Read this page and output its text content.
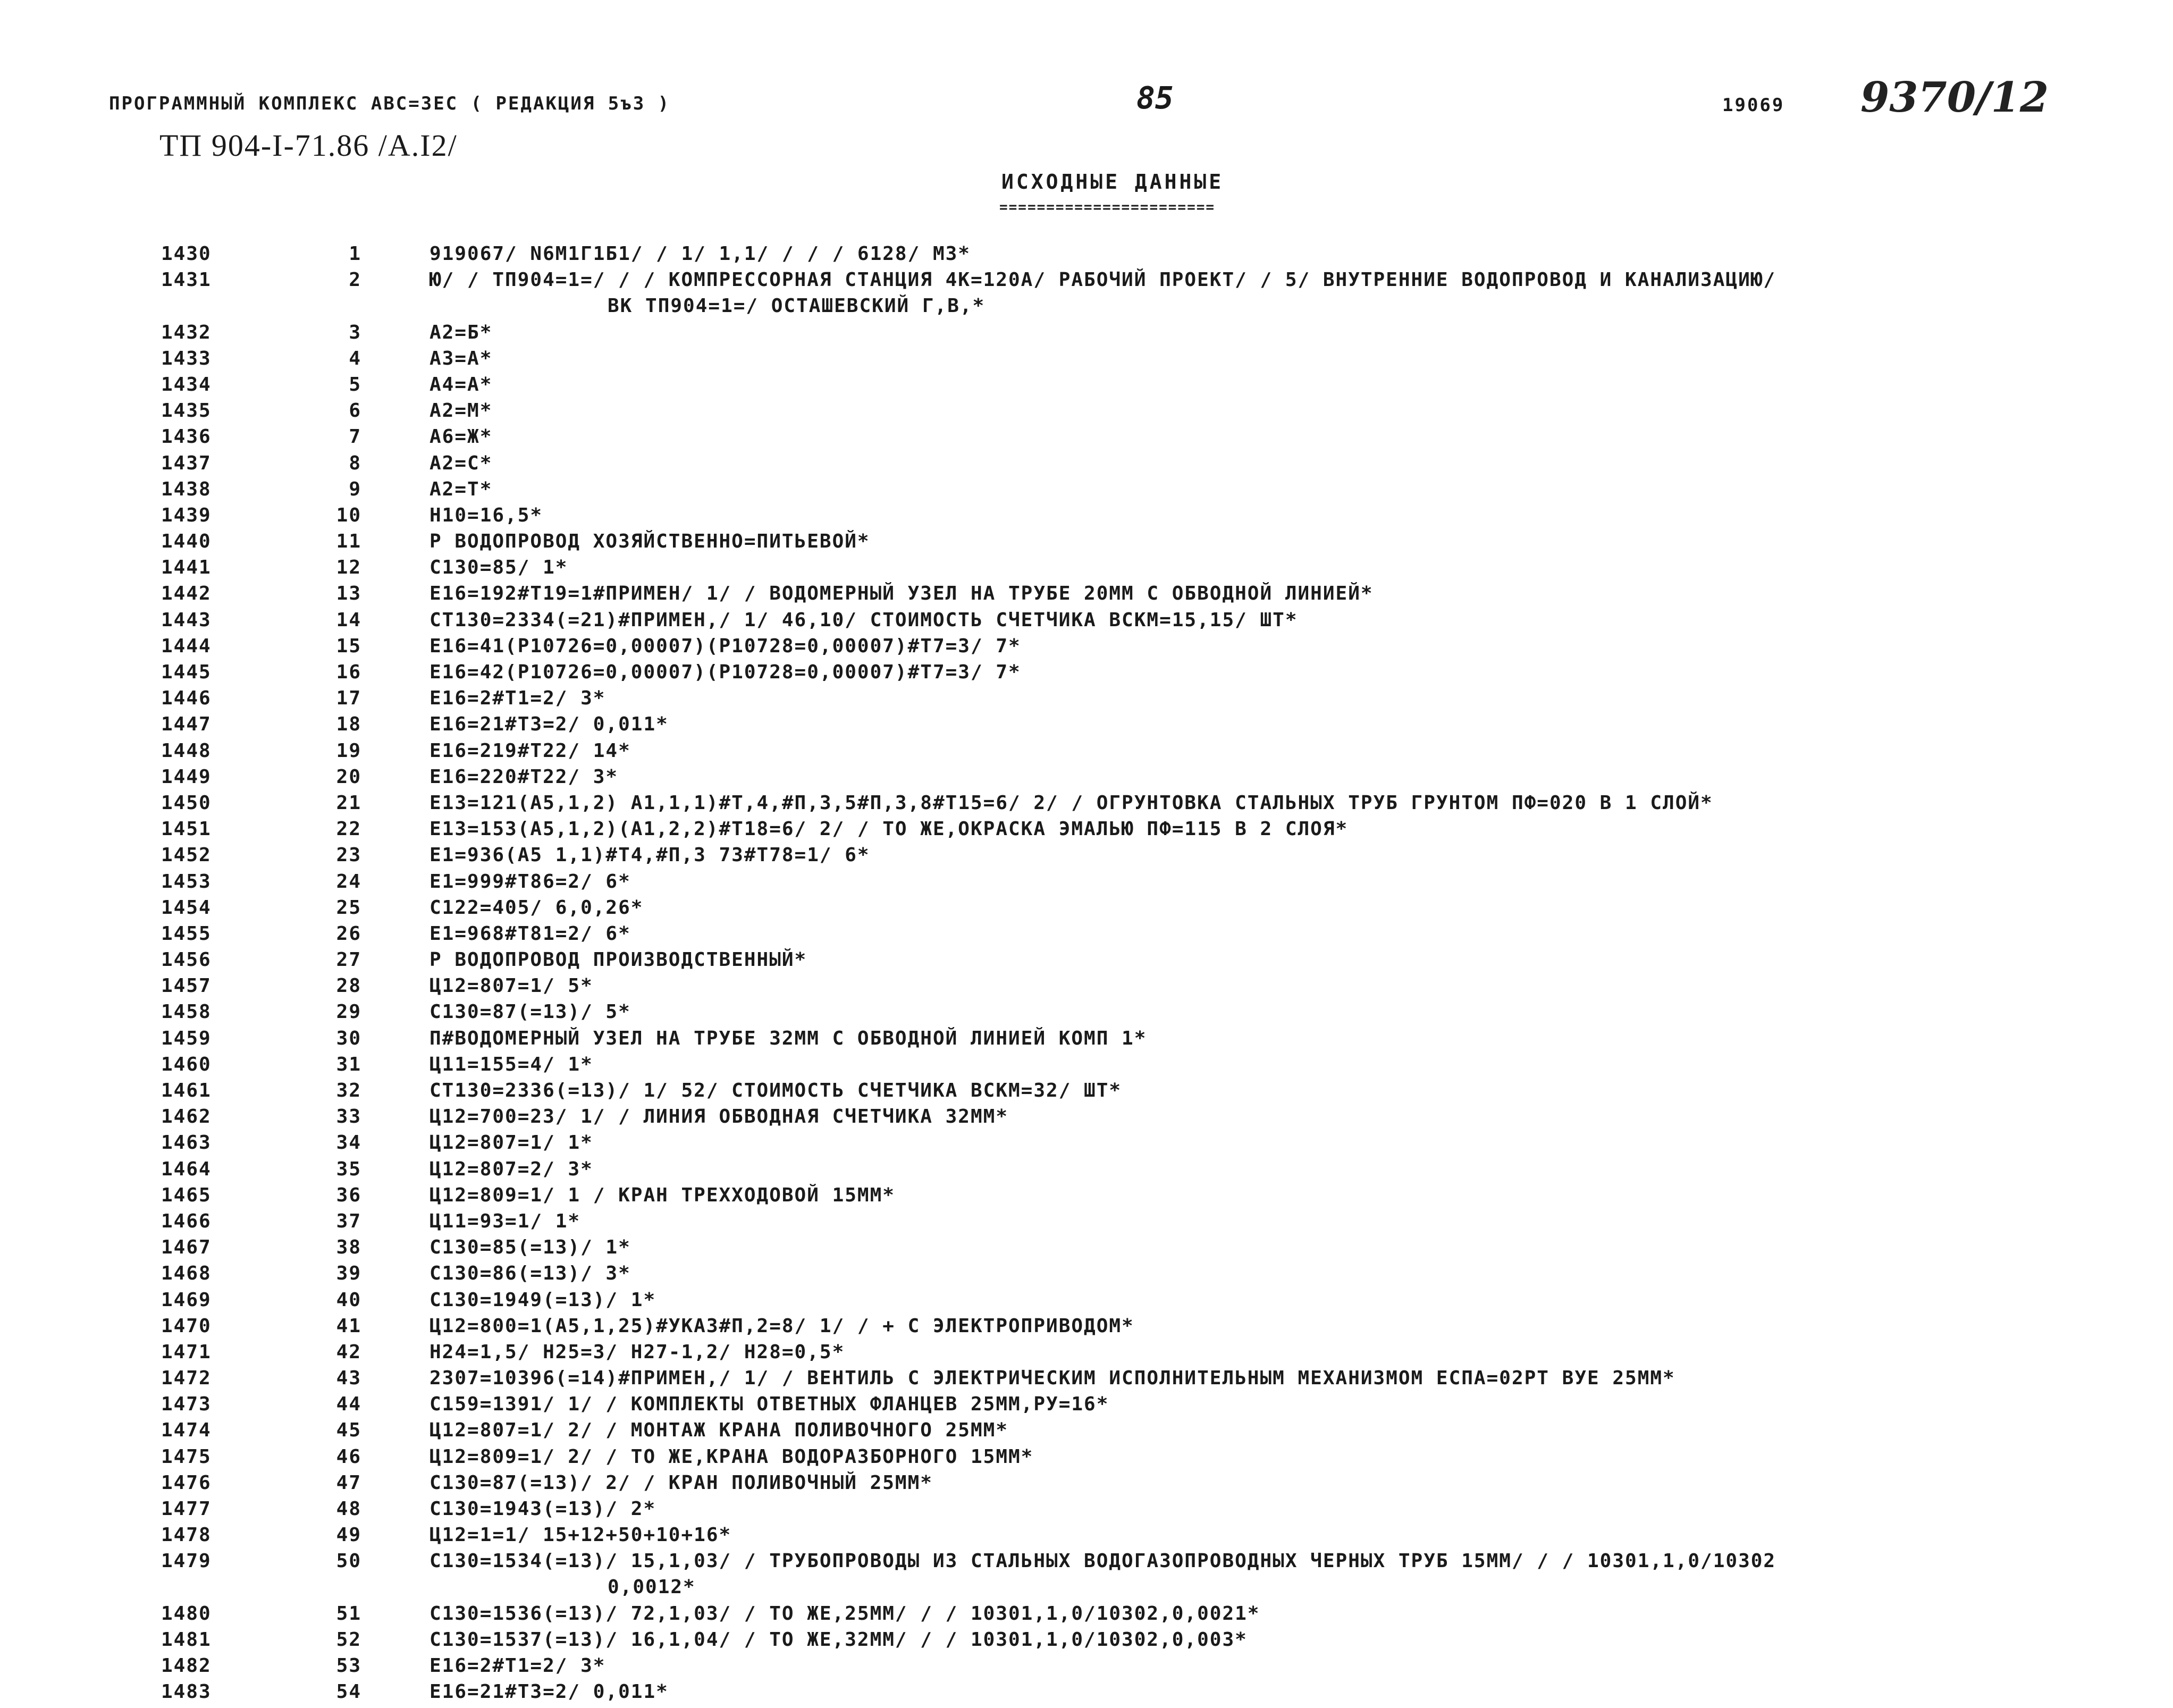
ПРОГРАММНЫЙ КОМПЛЕКС АВС=ЗЕС ( РЕДАКЦИЯ 5ъ3 )	85	19069 9370/12
ТП 904-I-71.86 /А.I2/
ИСХОДНЫЕ ДАННЫЕ
=======================
1430	1	919067/ N6M1Г1Б1/ / 1/ 1,1/ / / / 6128/ МЗ*
1431	2	Ю/ / ТП904=1=/ / / КОМПРЕССОРНАЯ СТАНЦИЯ 4К=120А/ РАБОЧИЙ ПРОЕКТ/ / 5/ ВНУТРЕННИЕ ВОДОПРОВОД И КАНАЛИЗАЦИЮ/
ВК ТП904=1=/ ОСТАШЕВСКИЙ Г,В,*
1432	3	А2=Б*
1433	4	А3=А*
1434	5	А4=А*
1435	6	А2=М*
1436	7	А6=Ж*
1437	8	А2=С*
1438	9	А2=Т*
1439	10	Н10=16,5*
1440	11	Р ВОДОПРОВОД ХОЗЯЙСТВЕННО=ПИТЬЕВОЙ*
1441	12	С130=85/ 1*
1442	13	Е16=192#Т19=1#ПРИМЕН/ 1/ / ВОДОМЕРНЫЙ УЗЕЛ НА ТРУБЕ 20ММ С ОБВОДНОЙ ЛИНИЕЙ*
1443	14	СТ130=2334(=21)#ПРИМЕН,/ 1/ 46,10/ СТОИМОСТЬ СЧЕТЧИКА ВСКМ=15,15/ ШТ*
1444	15	Е16=41(Р10726=0,00007)(Р10728=0,00007)#Т7=3/ 7*
1445	16	Е16=42(Р10726=0,00007)(Р10728=0,00007)#Т7=3/ 7*
1446	17	Е16=2#Т1=2/ 3*
1447	18	Е16=21#Т3=2/ 0,011*
1448	19	Е16=219#Т22/ 14*
1449	20	Е16=220#Т22/ 3*
1450	21	Е13=121(А5,1,2) А1,1,1)#Т,4,#П,3,5#П,3,8#Т15=6/ 2/ / ОГРУНТОВКА СТАЛЬНЫХ ТРУБ ГРУНТОМ ПФ=020 В 1 СЛОЙ*
1451	22	Е13=153(А5,1,2)(А1,2,2)#Т18=6/ 2/ / ТО ЖЕ,ОКРАСКА ЭМАЛЬЮ ПФ=115 В 2 СЛОЯ*
1452	23	Е1=936(А5 1,1)#Т4,#П,3 73#Т78=1/ 6*
1453	24	Е1=999#Т86=2/ 6*
1454	25	С122=405/ 6,0,26*
1455	26	Е1=968#Т81=2/ 6*
1456	27	Р ВОДОПРОВОД ПРОИЗВОДСТВЕННЫЙ*
1457	28	Ц12=807=1/ 5*
1458	29	С130=87(=13)/ 5*
1459	30	П#ВОДОМЕРНЫЙ УЗЕЛ НА ТРУБЕ 32ММ С ОБВОДНОЙ ЛИНИЕЙ КОМП 1*
1460	31	Ц11=155=4/ 1*
1461	32	СТ130=2336(=13)/ 1/ 52/ СТОИМОСТЬ СЧЕТЧИКА ВСКМ=32/ ШТ*
1462	33	Ц12=700=23/ 1/ / ЛИНИЯ ОБВОДНАЯ СЧЕТЧИКА 32ММ*
1463	34	Ц12=807=1/ 1*
1464	35	Ц12=807=2/ 3*
1465	36	Ц12=809=1/ 1 / КРАН ТРЕХХОДОВОЙ 15ММ*
1466	37	Ц11=93=1/ 1*
1467	38	С130=85(=13)/ 1*
1468	39	С130=86(=13)/ 3*
1469	40	С130=1949(=13)/ 1*
1470	41	Ц12=800=1(А5,1,25)#УКАЗ#П,2=8/ 1/ / + С ЭЛЕКТРОПРИВОДОМ*
1471	42	Н24=1,5/ Н25=3/ Н27-1,2/ Н28=0,5*
1472	43	2307=10396(=14)#ПРИМЕН,/ 1/ / ВЕНТИЛЬ С ЭЛЕКТРИЧЕСКИМ ИСПОЛНИТЕЛЬНЫМ МЕХАНИЗМОМ ЕСПА=02РТ ВУЕ 25ММ*
1473	44	С159=1391/ 1/ / КОМПЛЕКТЫ ОТВЕТНЫХ ФЛАНЦЕВ 25ММ,РУ=16*
1474	45	Ц12=807=1/ 2/ / МОНТАЖ КРАНА ПОЛИВОЧНОГО 25ММ*
1475	46	Ц12=809=1/ 2/ / ТО ЖЕ,КРАНА ВОДОРАЗБОРНОГО 15ММ*
1476	47	С130=87(=13)/ 2/ / КРАН ПОЛИВОЧНЫЙ 25ММ*
1477	48	С130=1943(=13)/ 2*
1478	49	Ц12=1=1/ 15+12+50+10+16*
1479	50	С130=1534(=13)/ 15,1,03/ / ТРУБОПРОВОДЫ ИЗ СТАЛЬНЫХ ВОДОГАЗОПРОВОДНЫХ ЧЕРНЫХ ТРУБ 15ММ/ / / 10301,1,0/10302
0,0012*
1480	51	С130=1536(=13)/ 72,1,03/ / ТО ЖЕ,25ММ/ / / 10301,1,0/10302,0,0021*
1481	52	С130=1537(=13)/ 16,1,04/ / ТО ЖЕ,32ММ/ / / 10301,1,0/10302,0,003*
1482	53	Е16=2#Т1=2/ 3*
1483	54	Е16=21#Т3=2/ 0,011*
